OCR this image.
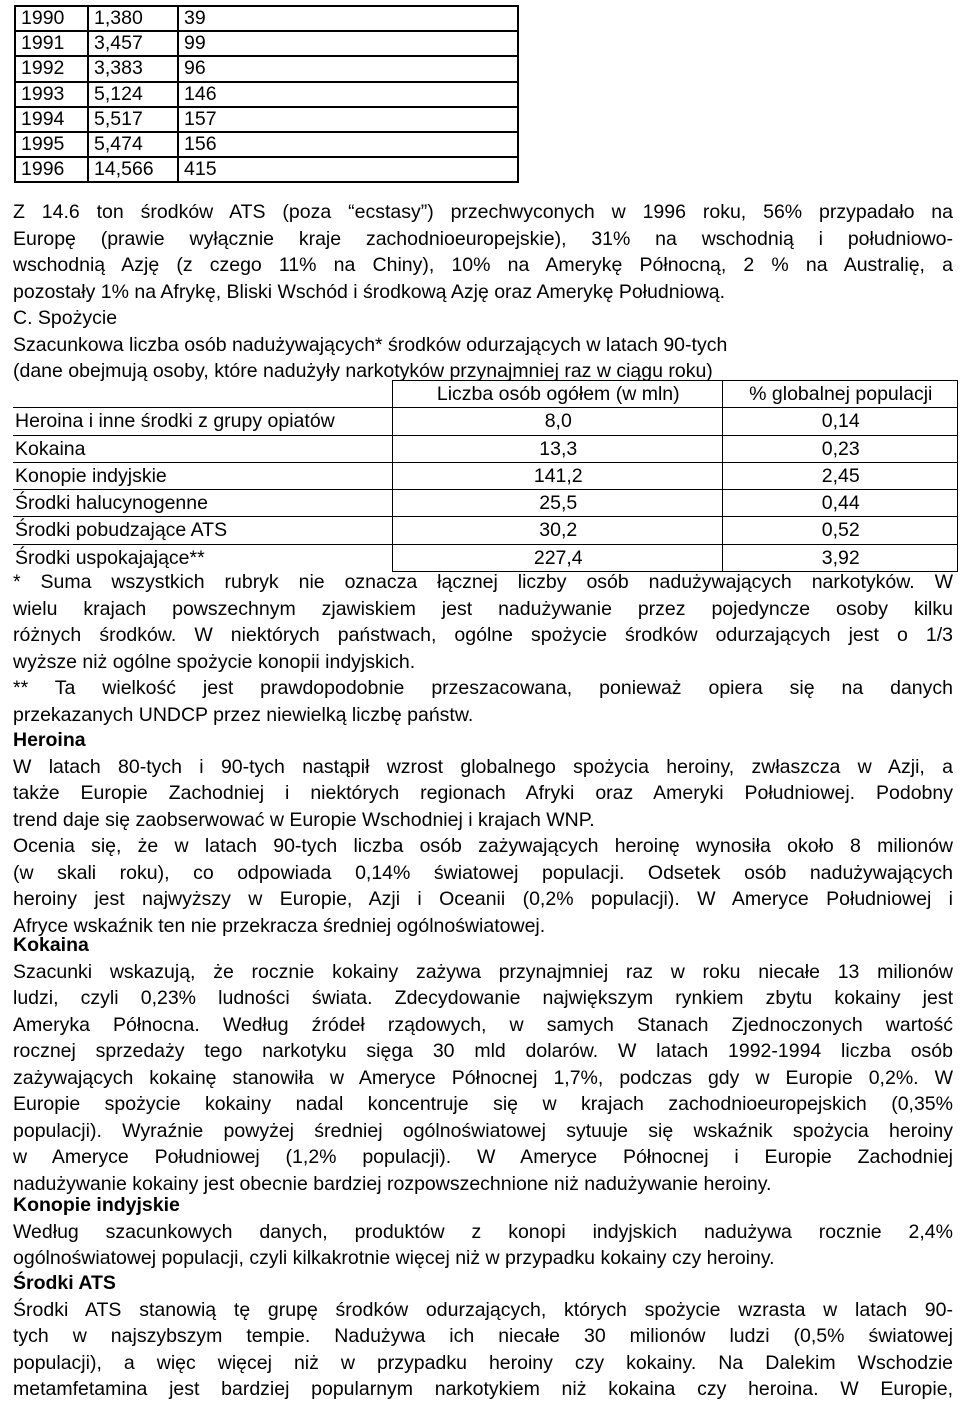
1990	1,380	39
1991	3,457	99
1992	3,383	96
1993	5,124	146
1994	5,517	157
1995	5,474	156
1996	14,566	415

Z 14.6 ton środków ATS (poza “ecstasy”) przechwyconych w 1996 roku, 56% przypadało na

Europę (prawie wyłącznie kraje zachodnioeuropejskie), 31% na wschodnią i południowo-

wschodnią Azję (z czego 11% na Chiny), 10% na Amerykę Północną, 2 % na Australię, a

pozostały 1% na Afrykę, Bliski Wschód i środkową Azję oraz Amerykę Południową.

C. Spożycie

Szacunkowa liczba osób nadużywających* środków odurzających w latach 90-tych

(dane obejmują osoby, które nadużyły narkotyków przynajmniej raz w ciągu roku)

	Liczba osób ogółem (w mln)	% globalnej populacji
Heroina i inne środki z grupy opiatów	8,0	0,14
Kokaina	13,3	0,23
Konopie indyjskie	141,2	2,45
Środki halucynogenne	25,5	0,44
Środki pobudzające ATS	30,2	0,52
Środki uspokajające**	227,4	3,92

* Suma wszystkich rubryk nie oznacza łącznej liczby osób nadużywających narkotyków. W

wielu krajach powszechnym zjawiskiem jest nadużywanie przez pojedyncze osoby kilku

różnych środków. W niektórych państwach, ogólne spożycie środków odurzających jest o 1/3

wyższe niż ogólne spożycie konopii indyjskich.

** Ta wielkość jest prawdopodobnie przeszacowana, ponieważ opiera się na danych

przekazanych UNDCP przez niewielką liczbę państw.

Heroina

W latach 80-tych i 90-tych nastąpił wzrost globalnego spożycia heroiny, zwłaszcza w Azji, a

także Europie Zachodniej i niektórych regionach Afryki oraz Ameryki Południowej. Podobny

trend daje się zaobserwować w Europie Wschodniej i krajach WNP.

Ocenia się, że w latach 90-tych liczba osób zażywających heroinę wynosiła około 8 milionów

(w skali roku), co odpowiada 0,14% światowej populacji. Odsetek osób nadużywających

heroiny jest najwyższy w Europie, Azji i Oceanii (0,2% populacji). W Ameryce Południowej i

Afryce wskaźnik ten nie przekracza średniej ogólnoświatowej.

Kokaina

Szacunki wskazują, że rocznie kokainy zażywa przynajmniej raz w roku niecałe 13 milionów

ludzi, czyli 0,23% ludności świata. Zdecydowanie największym rynkiem zbytu kokainy jest

Ameryka Północna. Według źródeł rządowych, w samych Stanach Zjednoczonych wartość

rocznej sprzedaży tego narkotyku sięga 30 mld dolarów. W latach 1992-1994 liczba osób

zażywających kokainę stanowiła w Ameryce Północnej 1,7%, podczas gdy w Europie 0,2%. W

Europie spożycie kokainy nadal koncentruje się w krajach zachodnioeuropejskich (0,35%

populacji). Wyraźnie powyżej średniej ogólnoświatowej sytuuje się wskaźnik spożycia heroiny

w Ameryce Południowej (1,2% populacji). W Ameryce Północnej i Europie Zachodniej

nadużywanie kokainy jest obecnie bardziej rozpowszechnione niż nadużywanie heroiny.

Konopie indyjskie

Według szacunkowych danych, produktów z konopi indyjskich nadużywa rocznie 2,4%

ogólnoświatowej populacji, czyli kilkakrotnie więcej niż w przypadku kokainy czy heroiny.

Środki ATS

Środki ATS stanowią tę grupę środków odurzających, których spożycie wzrasta w latach 90-

tych w najszybszym tempie. Nadużywa ich niecałe 30 milionów ludzi (0,5% światowej

populacji), a więc więcej niż w przypadku heroiny czy kokainy. Na Dalekim Wschodzie

metamfetamina jest bardziej popularnym narkotykiem niż kokaina czy heroina. W Europie,
